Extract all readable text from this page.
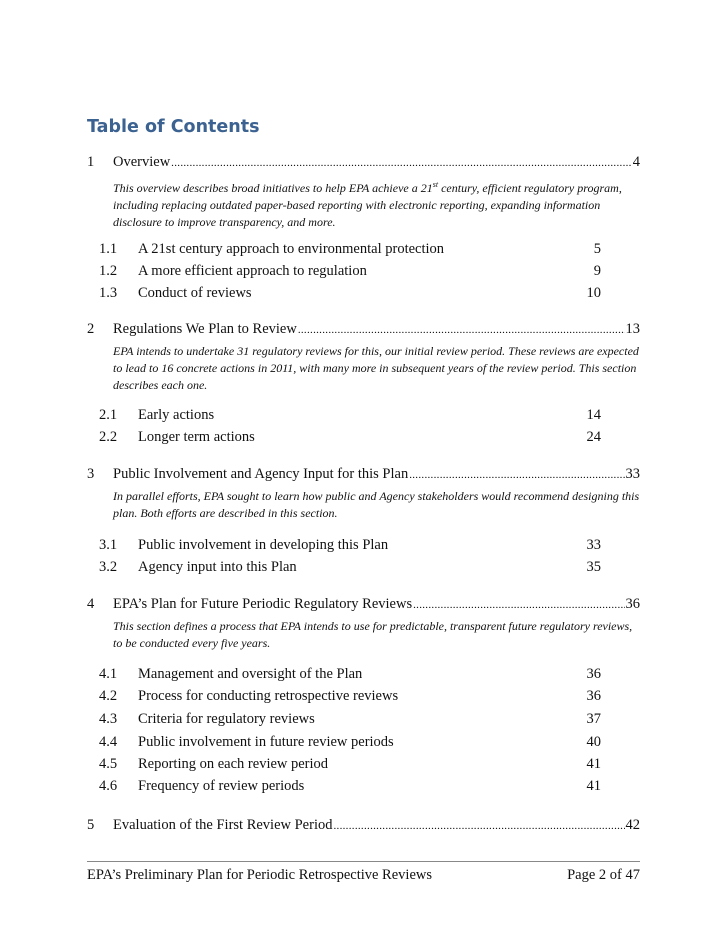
Table of Contents
1	Overview .....	4
This overview describes broad initiatives to help EPA achieve a 21st century, efficient regulatory program, including replacing outdated paper-based reporting with electronic reporting, expanding information disclosure to improve transparency, and more.
1.1	A 21st century approach to environmental protection	5
1.2	A more efficient approach to regulation	9
1.3	Conduct of reviews	10
2	Regulations We Plan to Review .....	13
EPA intends to undertake 31 regulatory reviews for this, our initial review period. These reviews are expected to lead to 16 concrete actions in 2011, with many more in subsequent years of the review period. This section describes each one.
2.1	Early actions	14
2.2	Longer term actions	24
3	Public Involvement and Agency Input for this Plan .....	33
In parallel efforts, EPA sought to learn how public and Agency stakeholders would recommend designing this plan. Both efforts are described in this section.
3.1	Public involvement in developing this Plan	33
3.2	Agency input into this Plan	35
4	EPA’s Plan for Future Periodic Regulatory Reviews .....	36
This section defines a process that EPA intends to use for predictable, transparent future regulatory reviews, to be conducted every five years.
4.1	Management and oversight of the Plan	36
4.2	Process for conducting retrospective reviews	36
4.3	Criteria for regulatory reviews	37
4.4	Public involvement in future review periods	40
4.5	Reporting on each review period	41
4.6	Frequency of review periods	41
5	Evaluation of the First Review Period .....	42
EPA’s Preliminary Plan for Periodic Retrospective Reviews	Page 2 of 47
